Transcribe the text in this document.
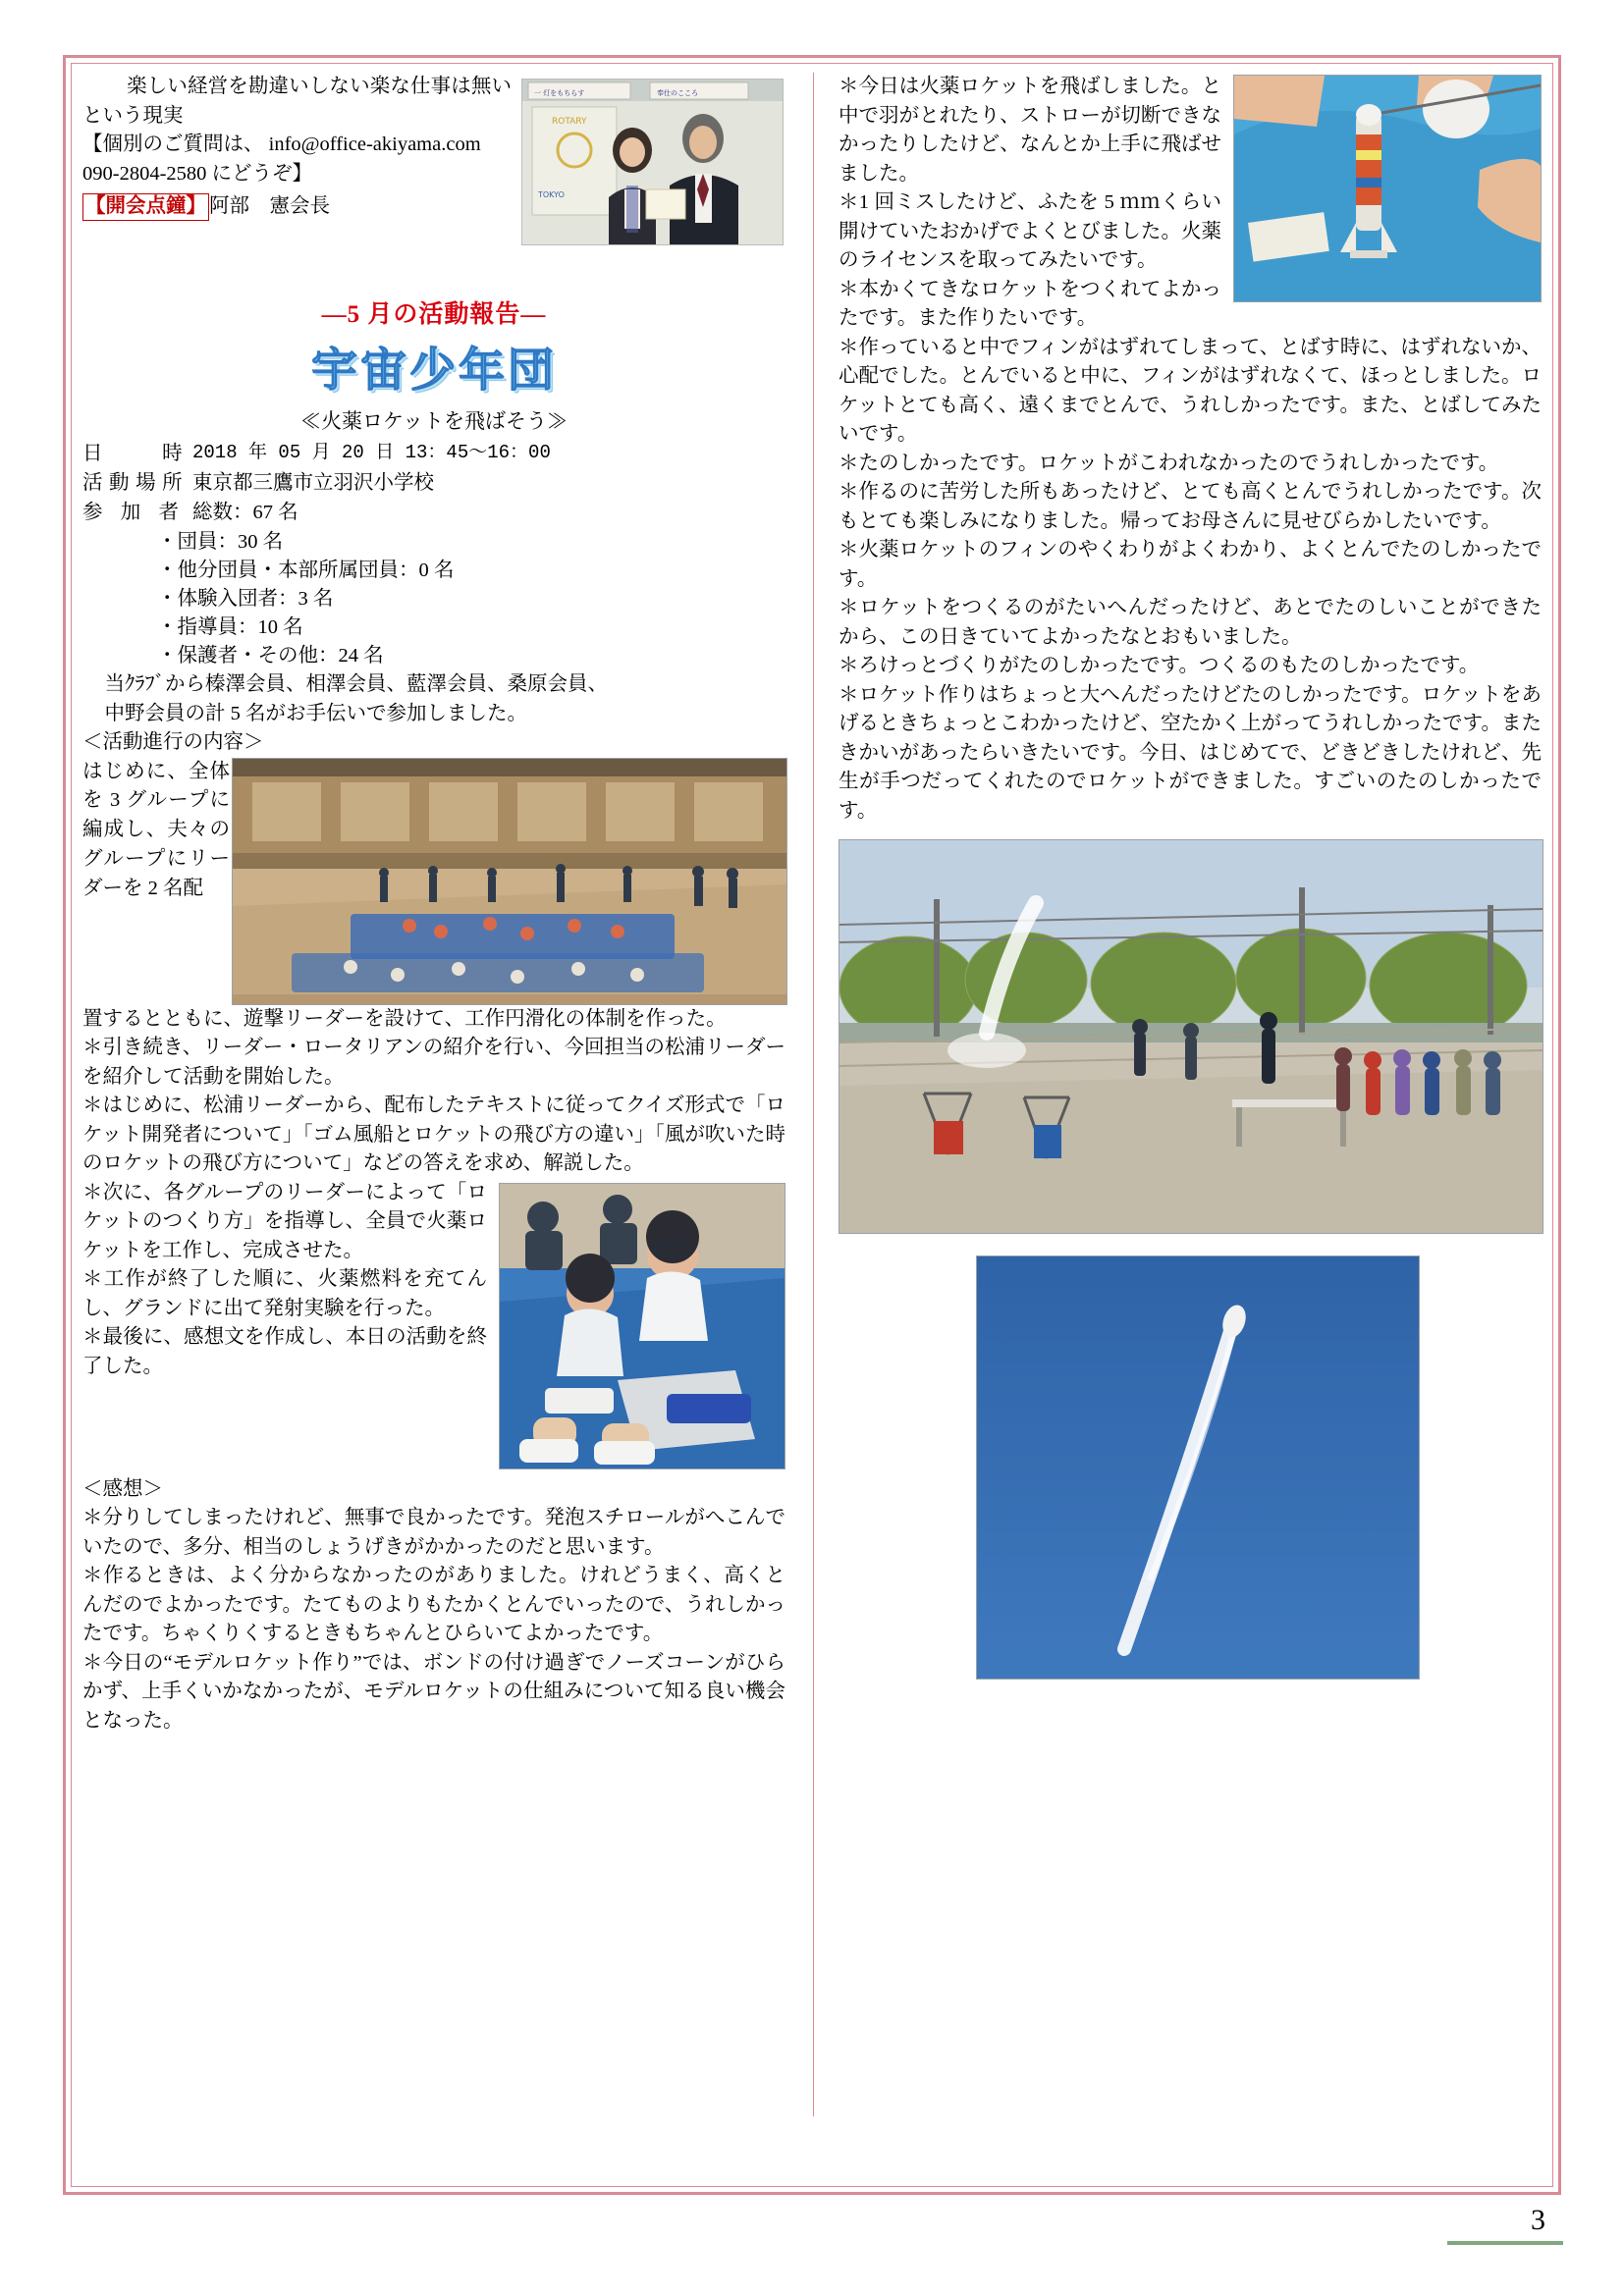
一 灯をもちらす	奉仕のこころ
ROTARY
TOKYO

楽しい経営を勘違いしない楽な仕事は無いという現実

【個別のご質問は、 info@office-akiyama.com

090-2804-2580 にどうぞ】

【開会点鐘】 阿部　憲会長

―5 月の活動報告―
宇宙少年団
≪火薬ロケットを飛ばそう≫
日　　時 2018 年 05 月 20 日 13：45～16：00
活動場所 東京都三鷹市立羽沢小学校
参 加 者 総数：67 名

・団員：30 名

・他分団員・本部所属団員：0 名

・体験入団者：3 名

・指導員：10 名

・保護者・その他：24 名

当ｸﾗﾌﾞから榛澤会員、相澤会員、藍澤会員、桑原会員、

中野会員の計 5 名がお手伝いで参加しました。

＜活動進行の内容＞

はじめに、全体を 3 グループに編成し、夫々のグループにリーダーを 2 名配

置するとともに、遊撃リーダーを設けて、工作円滑化の体制を作った。

＊引き続き、リーダー・ロータリアンの紹介を行い、今回担当の松浦リーダーを紹介して活動を開始した。

＊はじめに、松浦リーダーから、配布したテキストに従ってクイズ形式で「ロケット開発者について」「ゴム風船とロケットの飛び方の違い」「風が吹いた時のロケットの飛び方について」などの答えを求め、解説した。

＊次に、各グループのリーダーによって「ロケットのつくり方」を指導し、全員で火薬ロケットを工作し、完成させた。

＊工作が終了した順に、火薬燃料を充てんし、グランドに出て発射実験を行った。

＊最後に、感想文を作成し、本日の活動を終了した。

＜感想＞

＊分りしてしまったけれど、無事で良かったです。発泡スチロールがへこんでいたので、多分、相当のしょうげきがかかったのだと思います。

＊作るときは、よく分からなかったのがありました。けれどうまく、高くとんだのでよかったです。たてものよりもたかくとんでいったので、うれしかったです。ちゃくりくするときもちゃんとひらいてよかったです。

＊今日の“モデルロケット作り”では、ボンドの付け過ぎでノーズコーンがひらかず、上手くいかなかったが、モデルロケットの仕組みについて知る良い機会となった。

＊今日は火薬ロケットを飛ばしました。と中で羽がとれたり、ストローが切断できなかったりしたけど、なんとか上手に飛ばせました。

＊1 回ミスしたけど、ふたを 5 ｍｍくらい開けていたおかげでよくとびました。火薬のライセンスを取ってみたいです。

＊本かくてきなロケットをつくれてよかったです。また作りたいです。

＊作っていると中でフィンがはずれてしまって、とばす時に、はずれないか、心配でした。とんでいると中に、フィンがはずれなくて、ほっとしました。ロケットとても高く、遠くまでとんで、うれしかったです。また、とばしてみたいです。

＊たのしかったです。ロケットがこわれなかったのでうれしかったです。

＊作るのに苦労した所もあったけど、とても高くとんでうれしかったです。次もとても楽しみになりました。帰ってお母さんに見せびらかしたいです。

＊火薬ロケットのフィンのやくわりがよくわかり、よくとんでたのしかったです。

＊ロケットをつくるのがたいへんだったけど、あとでたのしいことができたから、この日きていてよかったなとおもいました。

＊ろけっとづくりがたのしかったです。つくるのもたのしかったです。

＊ロケット作りはちょっと大へんだったけどたのしかったです。ロケットをあげるときちょっとこわかったけど、空たかく上がってうれしかったです。またきかいがあったらいきたいです。今日、はじめてで、どきどきしたけれど、先生が手つだってくれたのでロケットができました。すごいのたのしかったです。

3
